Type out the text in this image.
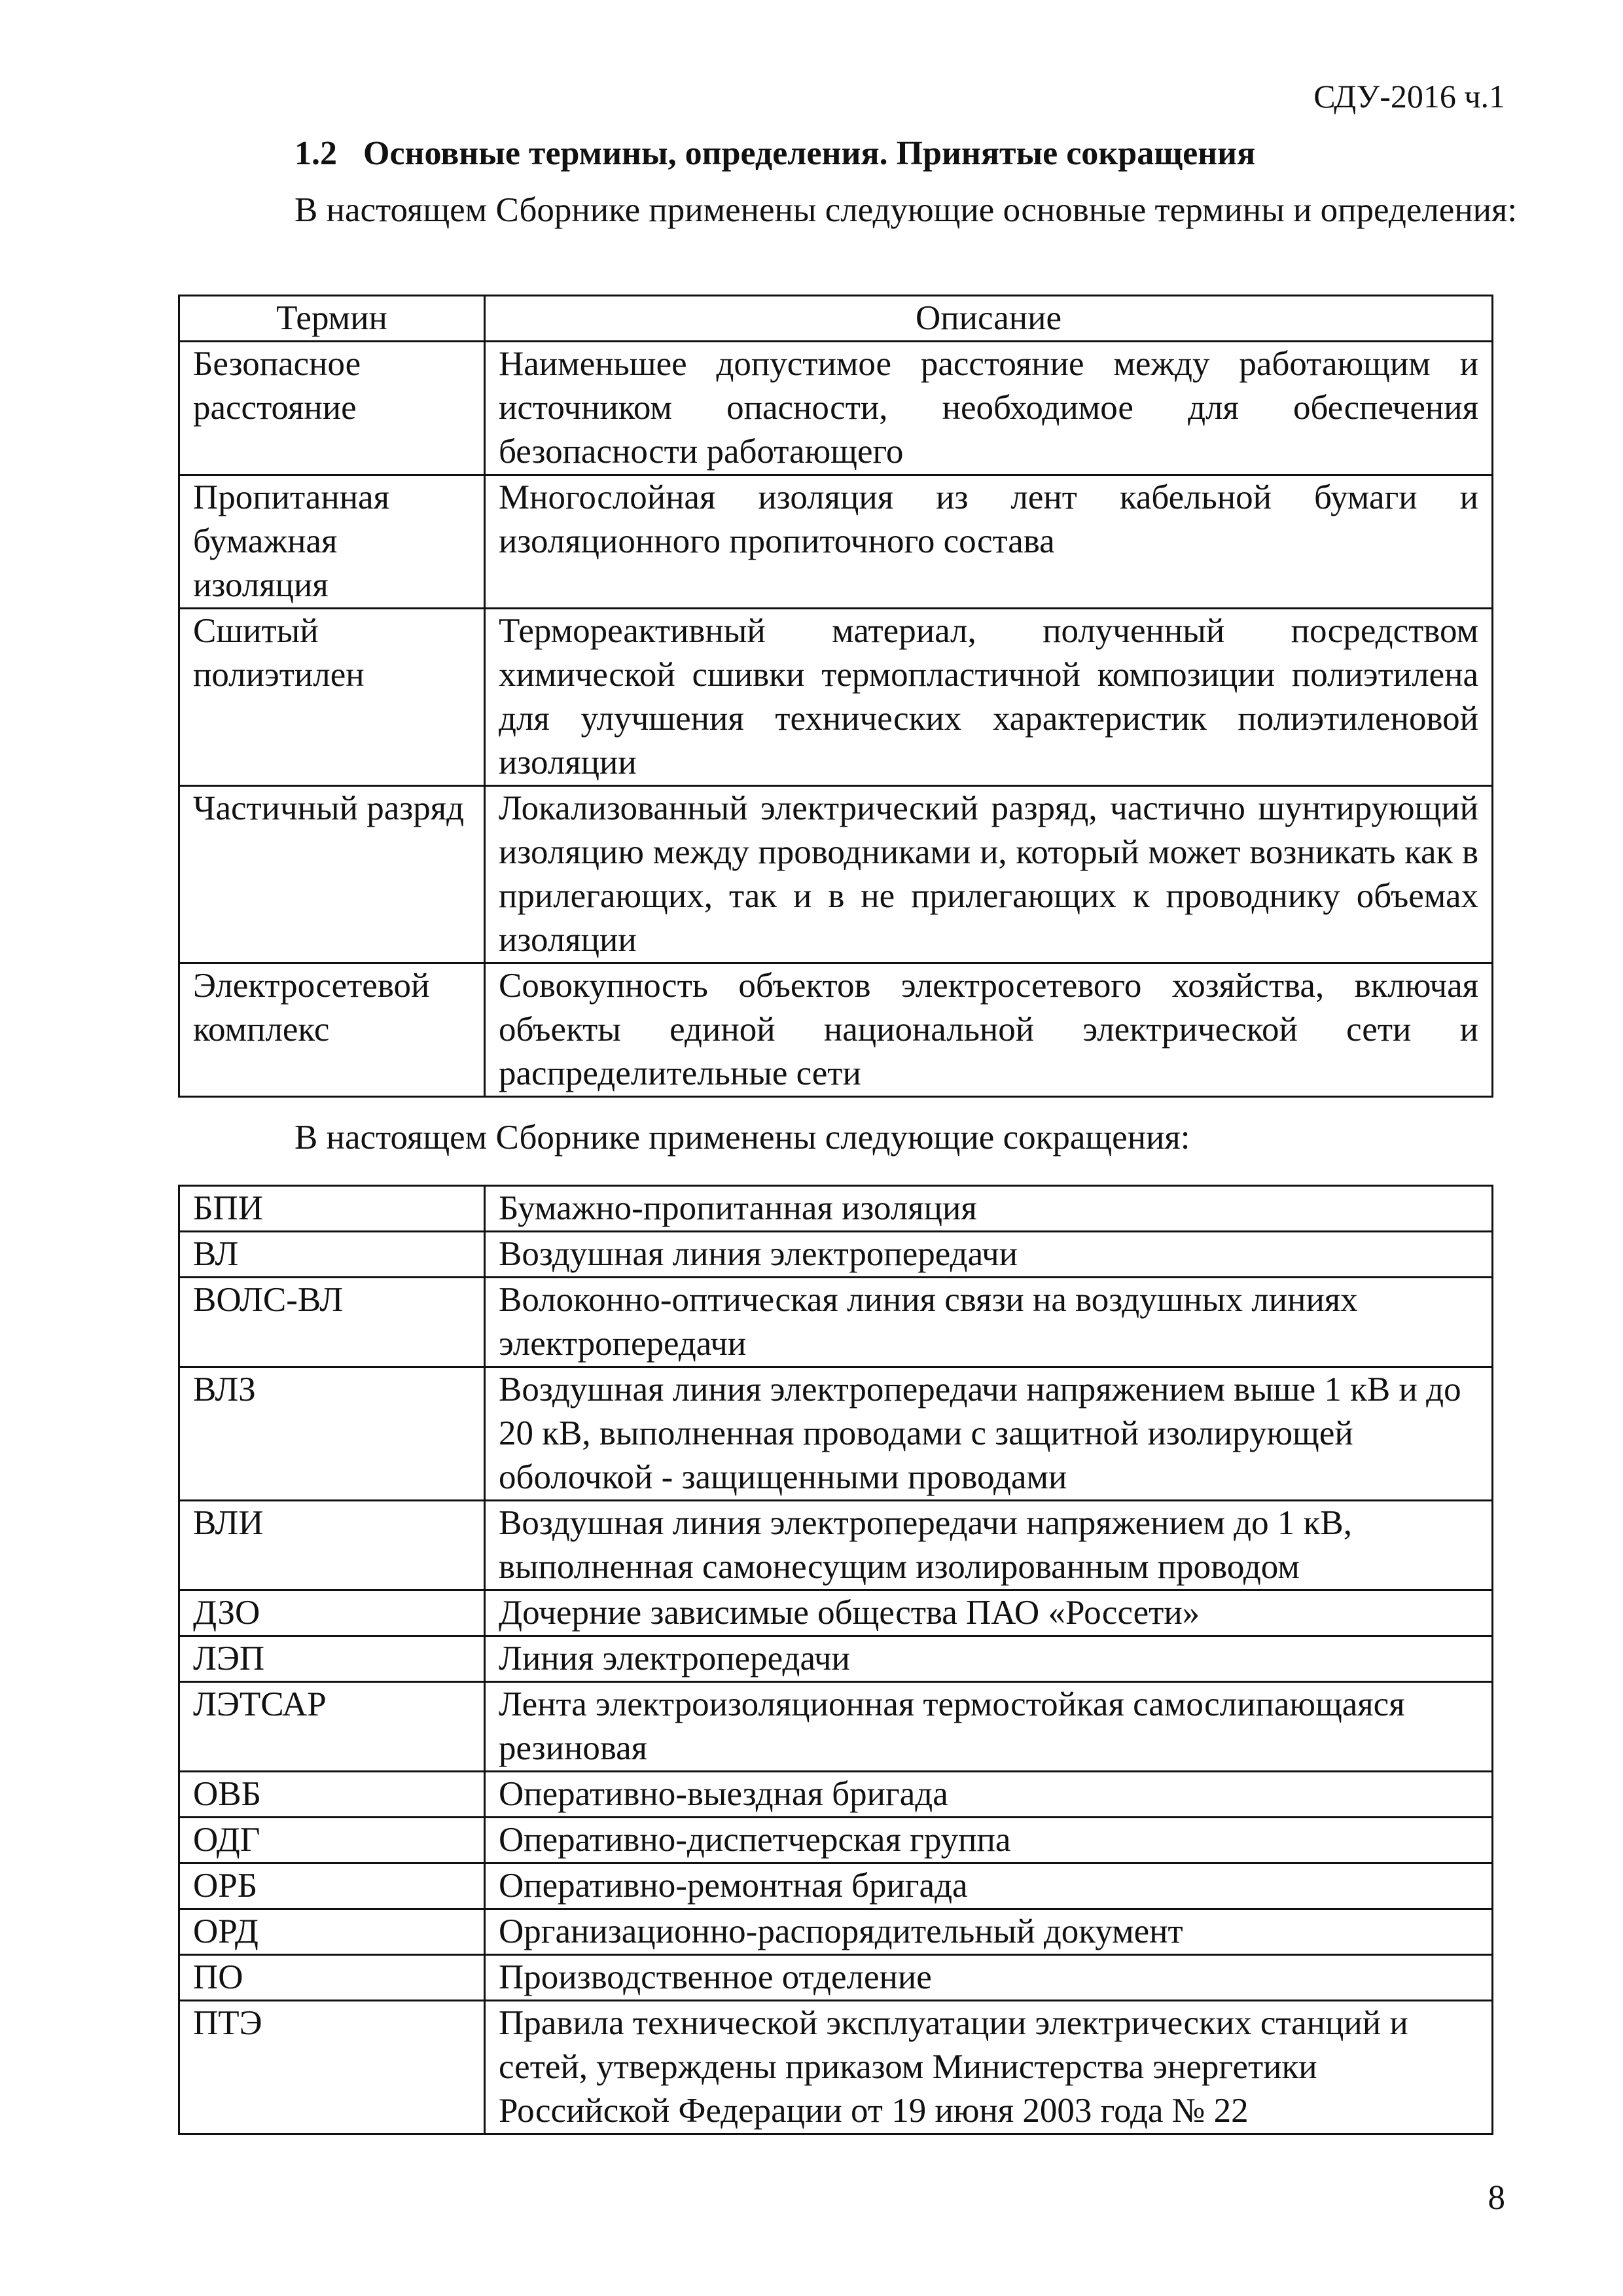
СДУ-2016 ч.1
1.2 Основные термины, определения. Принятые сокращения
В настоящем Сборнике применены следующие основные термины и определения:
Термин	Описание
Безопасное расстояние	Наименьшее допустимое расстояние между работающим и источником опасности, необходимое для обеспечения безопасности работающего
Пропитанная бумажная изоляция	Многослойная изоляция из лент кабельной бумаги и изоляционного пропиточного состава
Сшитый полиэтилен	Термореактивный материал, полученный посредством химической сшивки термопластичной композиции полиэтилена для улучшения технических характеристик полиэтиленовой изоляции
Частичный разряд	Локализованный электрический разряд, частично шунтирующий изоляцию между проводниками и, который может возникать как в прилегающих, так и в не прилегающих к проводнику объемах изоляции
Электросетевой комплекс	Совокупность объектов электросетевого хозяйства, включая объекты единой национальной электрической сети и распределительные сети
В настоящем Сборнике применены следующие сокращения:
БПИ	Бумажно-пропитанная изоляция
ВЛ	Воздушная линия электропередачи
ВОЛС-ВЛ	Волоконно-оптическая линия связи на воздушных линиях электропередачи
ВЛЗ	Воздушная линия электропередачи напряжением выше 1 кВ и до 20 кВ, выполненная проводами с защитной изолирующей оболочкой - защищенными проводами
ВЛИ	Воздушная линия электропередачи напряжением до 1 кВ, выполненная самонесущим изолированным проводом
ДЗО	Дочерние зависимые общества ПАО «Россети»
ЛЭП	Линия электропередачи
ЛЭТСАР	Лента электроизоляционная термостойкая самослипающаяся резиновая
ОВБ	Оперативно-выездная бригада
ОДГ	Оперативно-диспетчерская группа
ОРБ	Оперативно-ремонтная бригада
ОРД	Организационно-распорядительный документ
ПО	Производственное отделение
ПТЭ	Правила технической эксплуатации электрических станций и сетей, утверждены приказом Министерства энергетики Российской Федерации от 19 июня 2003 года № 22
8
